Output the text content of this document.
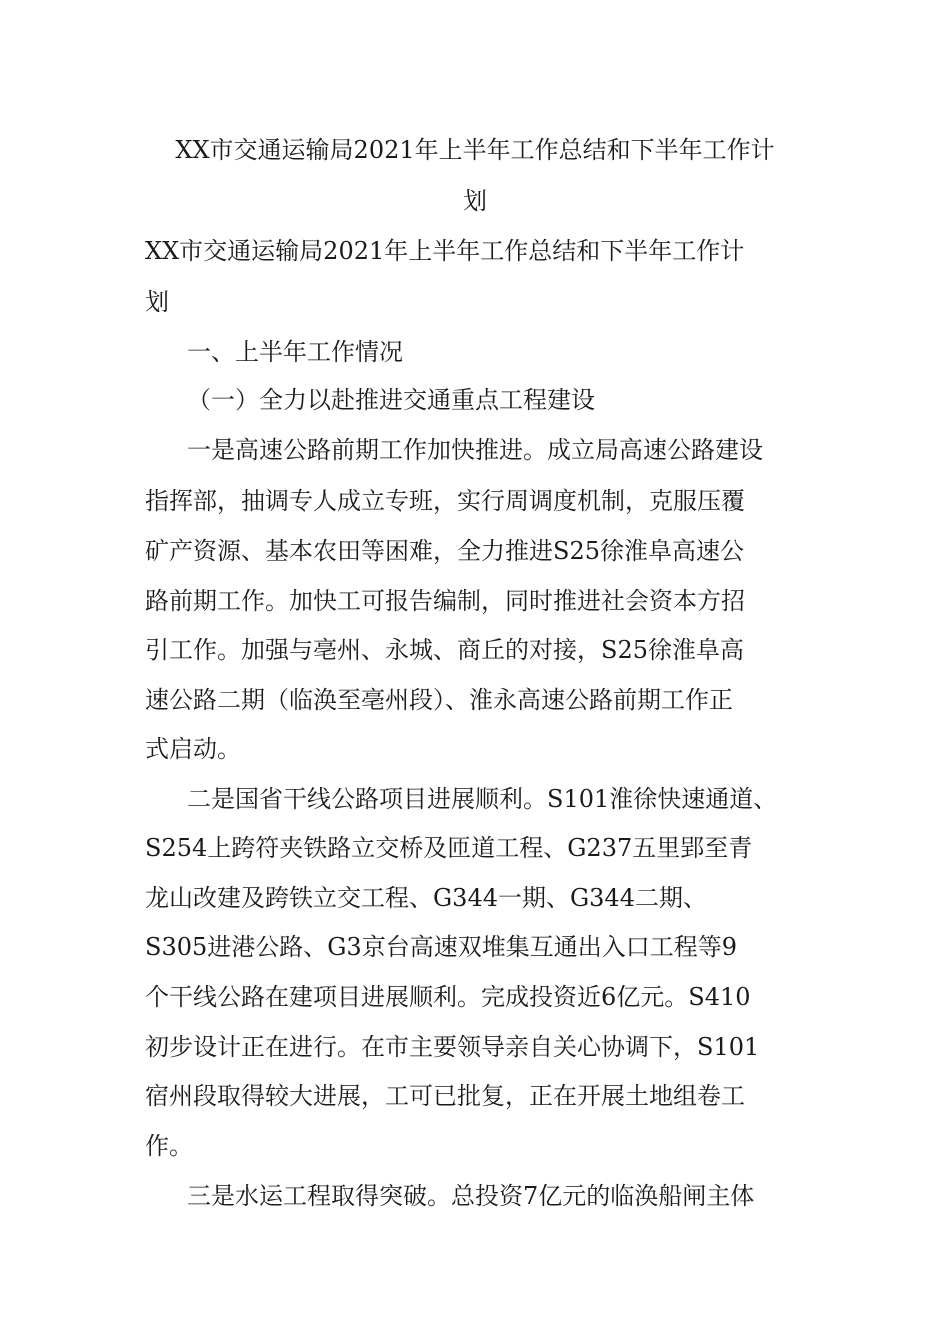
XX市交通运输局2021年上半年工作总结和下半年工作计
划
XX市交通运输局2021年上半年工作总结和下半年工作计
划
一、上半年工作情况
（一）全力以赴推进交通重点工程建设
一是高速公路前期工作加快推进。成立局高速公路建设
指挥部，抽调专人成立专班，实行周调度机制，克服压覆
矿产资源、基本农田等困难，全力推进S25徐淮阜高速公
路前期工作。加快工可报告编制，同时推进社会资本方招
引工作。加强与亳州、永城、商丘的对接，S25徐淮阜高
速公路二期（临涣至亳州段）、淮永高速公路前期工作正
式启动。
二是国省干线公路项目进展顺利。S101淮徐快速通道、
S254上跨符夹铁路立交桥及匝道工程、G237五里郢至青
龙山改建及跨铁立交工程、G344一期、G344二期、
S305进港公路、G3京台高速双堆集互通出入口工程等9
个干线公路在建项目进展顺利。完成投资近6亿元。S410
初步设计正在进行。在市主要领导亲自关心协调下，S101
宿州段取得较大进展，工可已批复，正在开展土地组卷工
作。
三是水运工程取得突破。总投资7亿元的临涣船闸主体
